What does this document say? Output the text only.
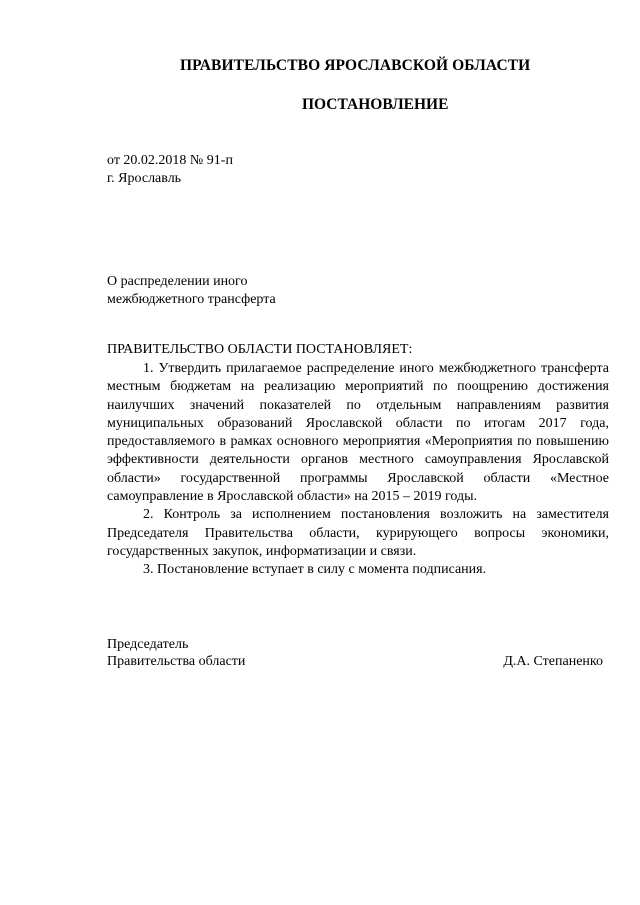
ПРАВИТЕЛЬСТВО ЯРОСЛАВСКОЙ ОБЛАСТИ
ПОСТАНОВЛЕНИЕ
от 20.02.2018 № 91-п
г. Ярославль
О распределении иного
межбюджетного трансферта
ПРАВИТЕЛЬСТВО ОБЛАСТИ ПОСТАНОВЛЯЕТ:

1. Утвердить прилагаемое распределение иного межбюджетного трансферта местным бюджетам на реализацию мероприятий по поощрению достижения наилучших значений показателей по отдельным направлениям развития муниципальных образований Ярославской области по итогам 2017 года, предоставляемого в рамках основного мероприятия «Мероприятия по повышению эффективности деятельности органов местного самоуправления Ярославской области» государственной программы Ярославской области «Местное самоуправление в Ярославской области» на 2015 – 2019 годы.

2. Контроль за исполнением постановления возложить на заместителя Председателя Правительства области, курирующего вопросы экономики, государственных закупок, информатизации и связи.

3. Постановление вступает в силу с момента подписания.

Председатель
Правительства области	Д.А. Степаненко
